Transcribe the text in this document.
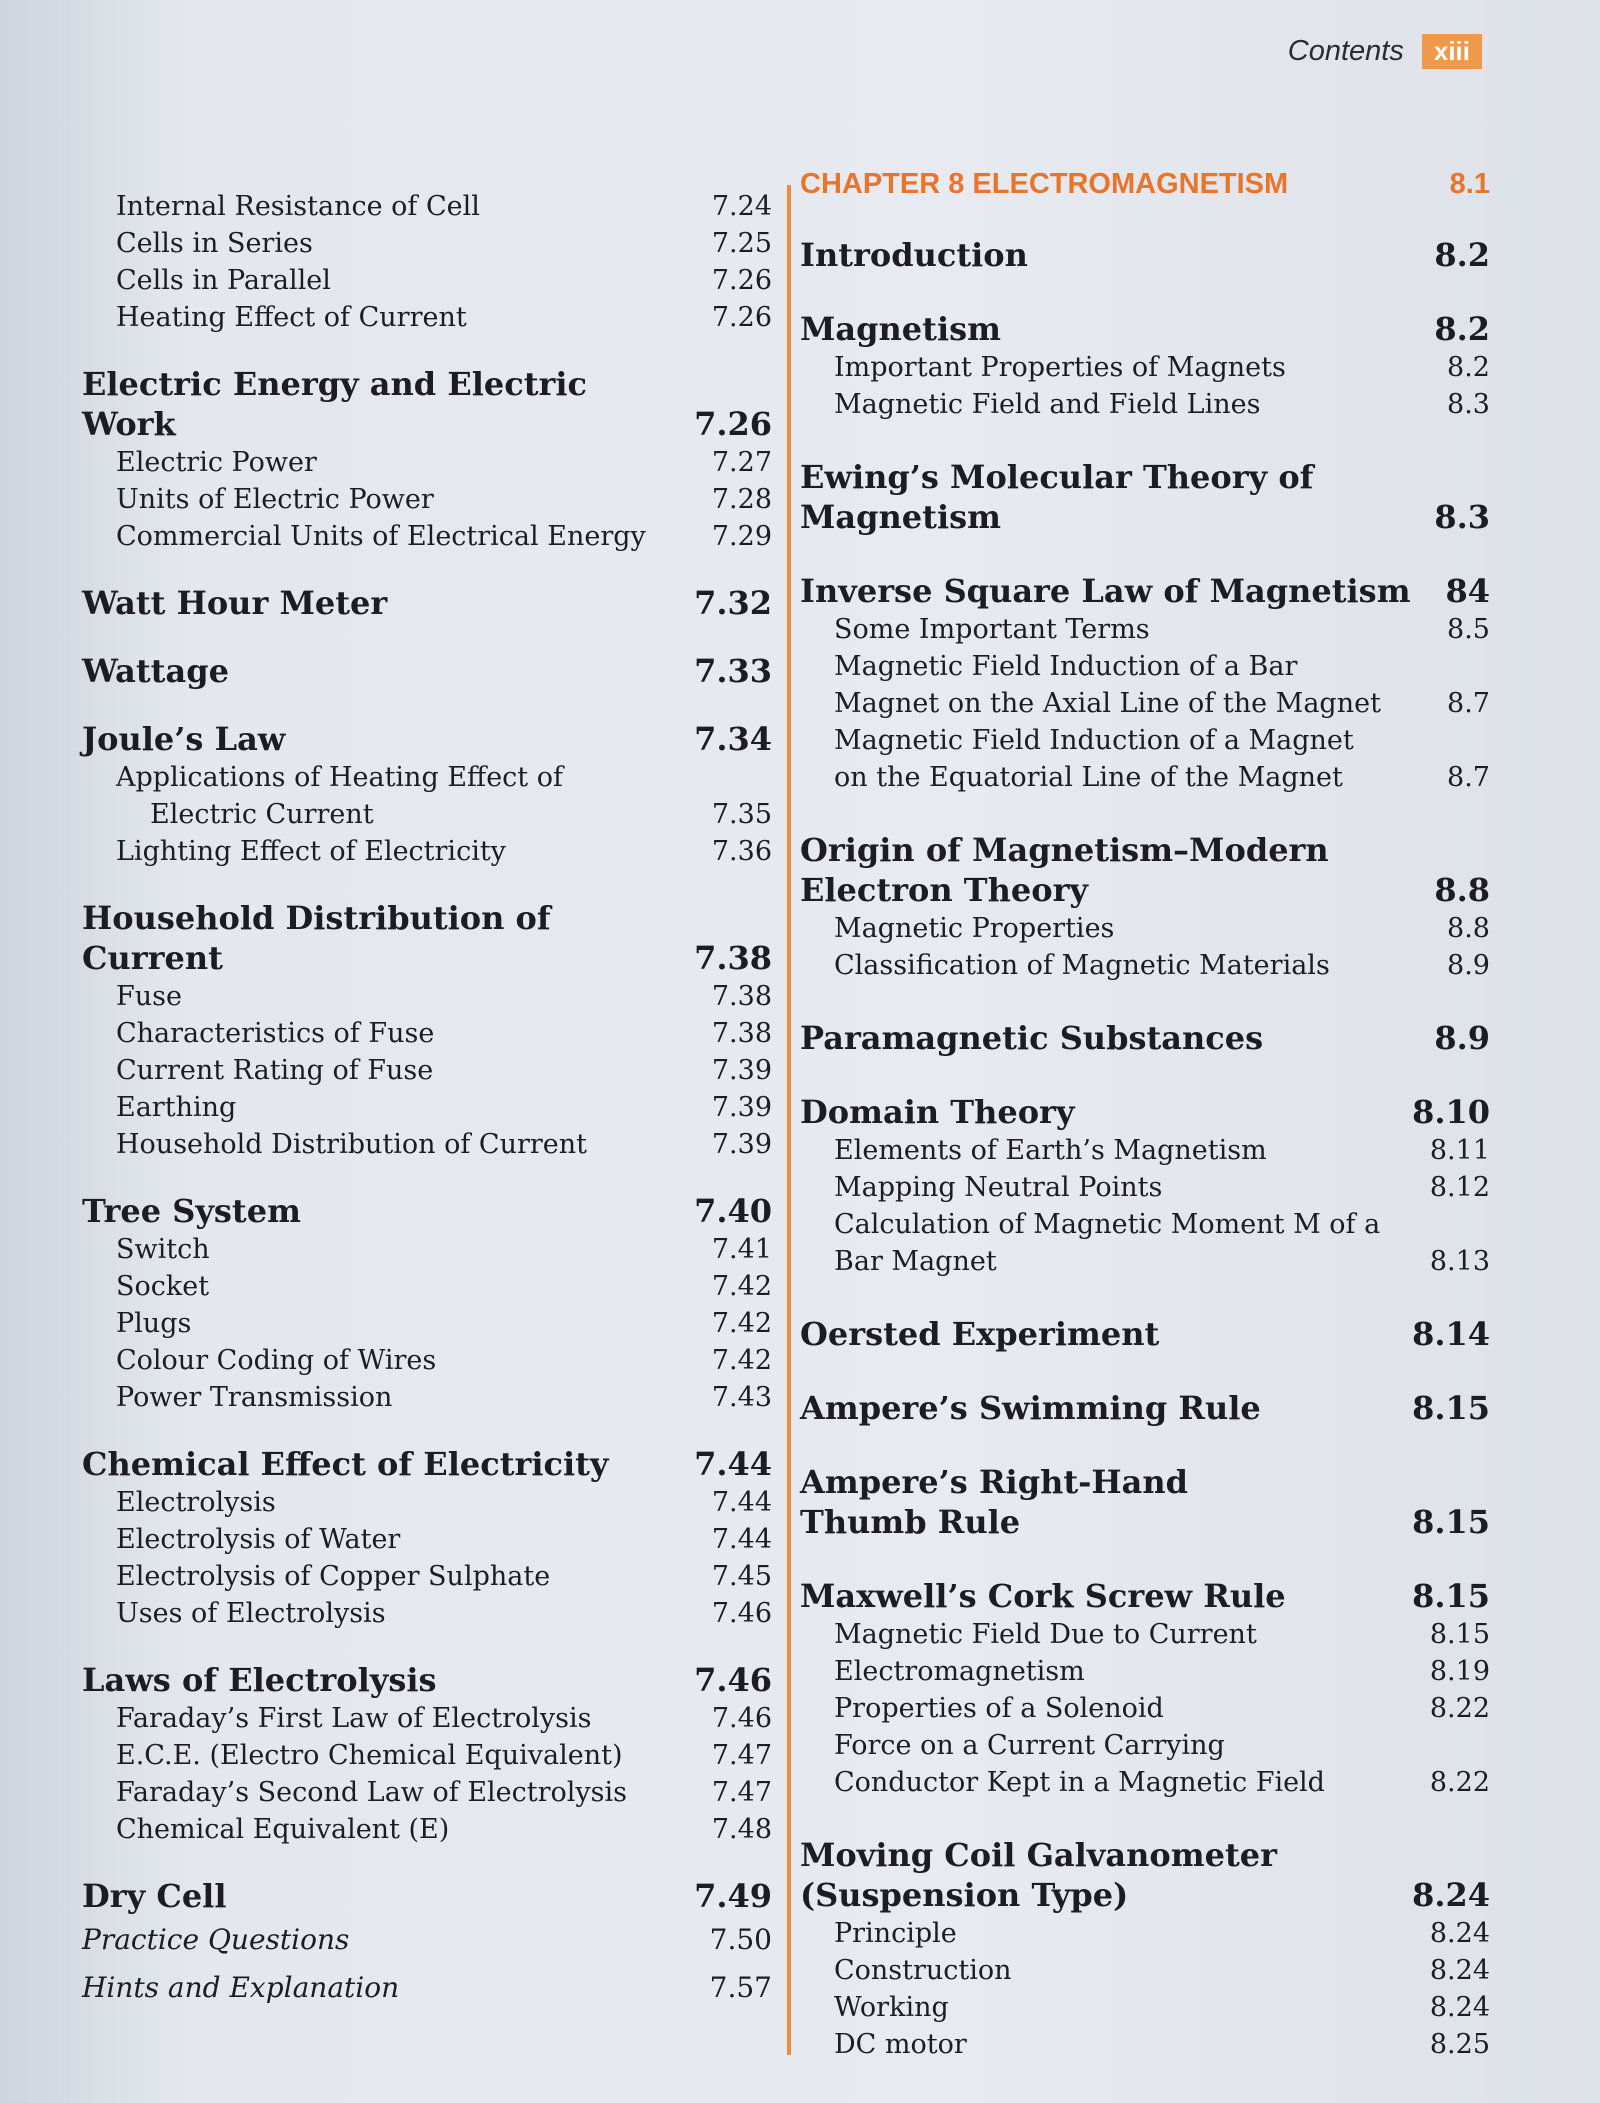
Contents	xiii
Internal Resistance of Cell	7.24
Cells in Series	7.25
Cells in Parallel	7.26
Heating Effect of Current	7.26
Electric Energy and Electric Work	7.26
Electric Power	7.27
Units of Electric Power	7.28
Commercial Units of Electrical Energy	7.29
Watt Hour Meter	7.32
Wattage	7.33
Joule’s Law	7.34
Applications of Heating Effect of
Electric Current	7.35
Lighting Effect of Electricity	7.36
Household Distribution of Current	7.38
Fuse	7.38
Characteristics of Fuse	7.38
Current Rating of Fuse	7.39
Earthing	7.39
Household Distribution of Current	7.39
Tree System	7.40
Switch	7.41
Socket	7.42
Plugs	7.42
Colour Coding of Wires	7.42
Power Transmission	7.43
Chemical Effect of Electricity	7.44
Electrolysis	7.44
Electrolysis of Water	7.44
Electrolysis of Copper Sulphate	7.45
Uses of Electrolysis	7.46
Laws of Electrolysis	7.46
Faraday’s First Law of Electrolysis	7.46
E.C.E. (Electro Chemical Equivalent)	7.47
Faraday’s Second Law of Electrolysis	7.47
Chemical Equivalent (E)	7.48
Dry Cell	7.49
Practice Questions	7.50
Hints and Explanation	7.57
CHAPTER 8 ELECTROMAGNETISM	8.1
Introduction	8.2
Magnetism	8.2
Important Properties of Magnets	8.2
Magnetic Field and Field Lines	8.3
Ewing’s Molecular Theory of
Magnetism	8.3
Inverse Square Law of Magnetism	84
Some Important Terms	8.5
Magnetic Field Induction of a Bar
Magnet on the Axial Line of the Magnet	8.7
Magnetic Field Induction of a Magnet
on the Equatorial Line of the Magnet	8.7
Origin of Magnetism–Modern
Electron Theory	8.8
Magnetic Properties	8.8
Classification of Magnetic Materials	8.9
Paramagnetic Substances	8.9
Domain Theory	8.10
Elements of Earth’s Magnetism	8.11
Mapping Neutral Points	8.12
Calculation of Magnetic Moment M of a
Bar Magnet	8.13
Oersted Experiment	8.14
Ampere’s Swimming Rule	8.15
Ampere’s Right-Hand
Thumb Rule	8.15
Maxwell’s Cork Screw Rule	8.15
Magnetic Field Due to Current	8.15
Electromagnetism	8.19
Properties of a Solenoid	8.22
Force on a Current Carrying
Conductor Kept in a Magnetic Field	8.22
Moving Coil Galvanometer
(Suspension Type)	8.24
Principle	8.24
Construction	8.24
Working	8.24
DC motor	8.25
